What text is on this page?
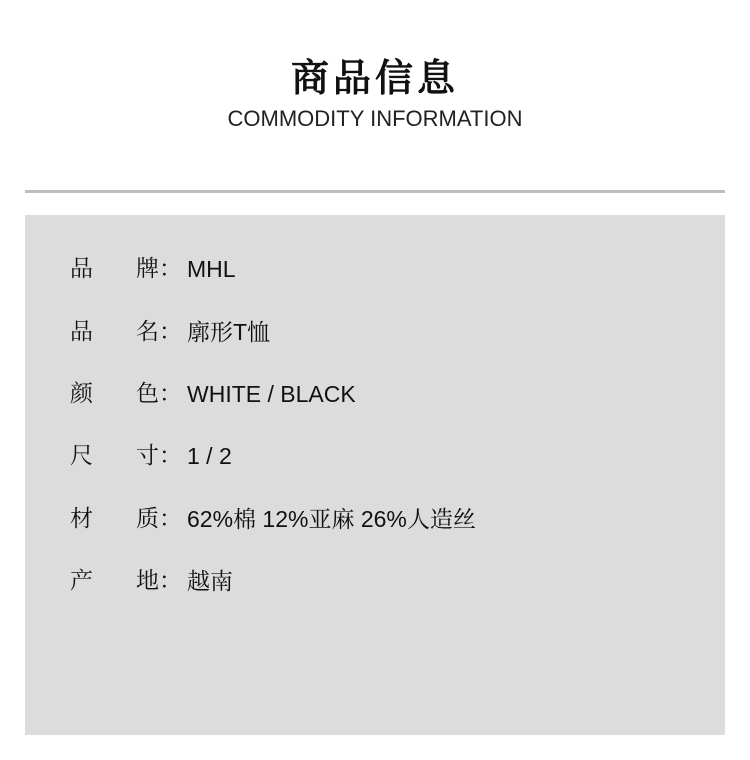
商品信息
COMMODITY INFORMATION
品	牌 ： MHL
品	名 ： 廓形T恤
颜	色 ： WHITE / BLACK
尺	寸 ： 1 / 2
材	质 ： 62%棉 12%亚麻 26%人造丝
产	地 ： 越南
